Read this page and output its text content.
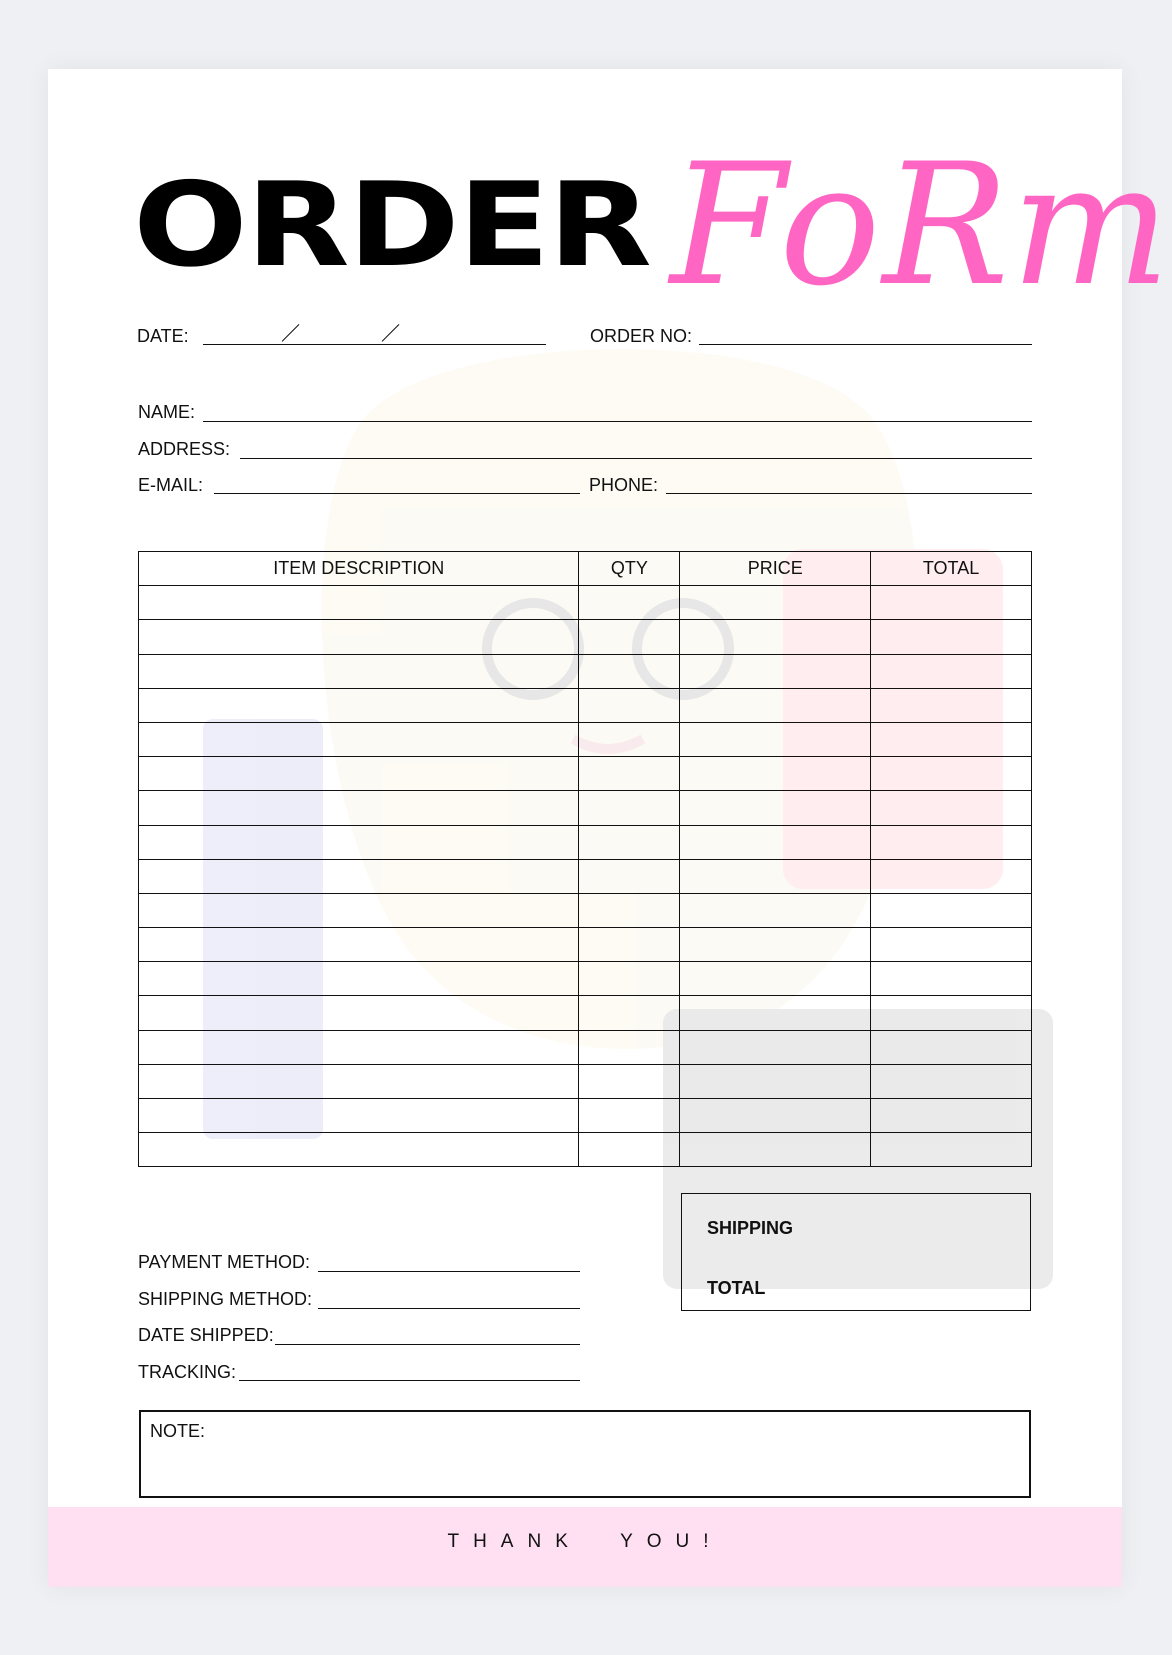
ORDER FoRm
DATE:	ORDER NO:
NAME:
ADDRESS:
E-MAIL:	PHONE:
ITEM DESCRIPTION	QTY	PRICE	TOTAL

PAYMENT METHOD:
SHIPPING METHOD:
DATE SHIPPED:
TRACKING:
SHIPPING
TOTAL
NOTE:
THANK  YOU!
